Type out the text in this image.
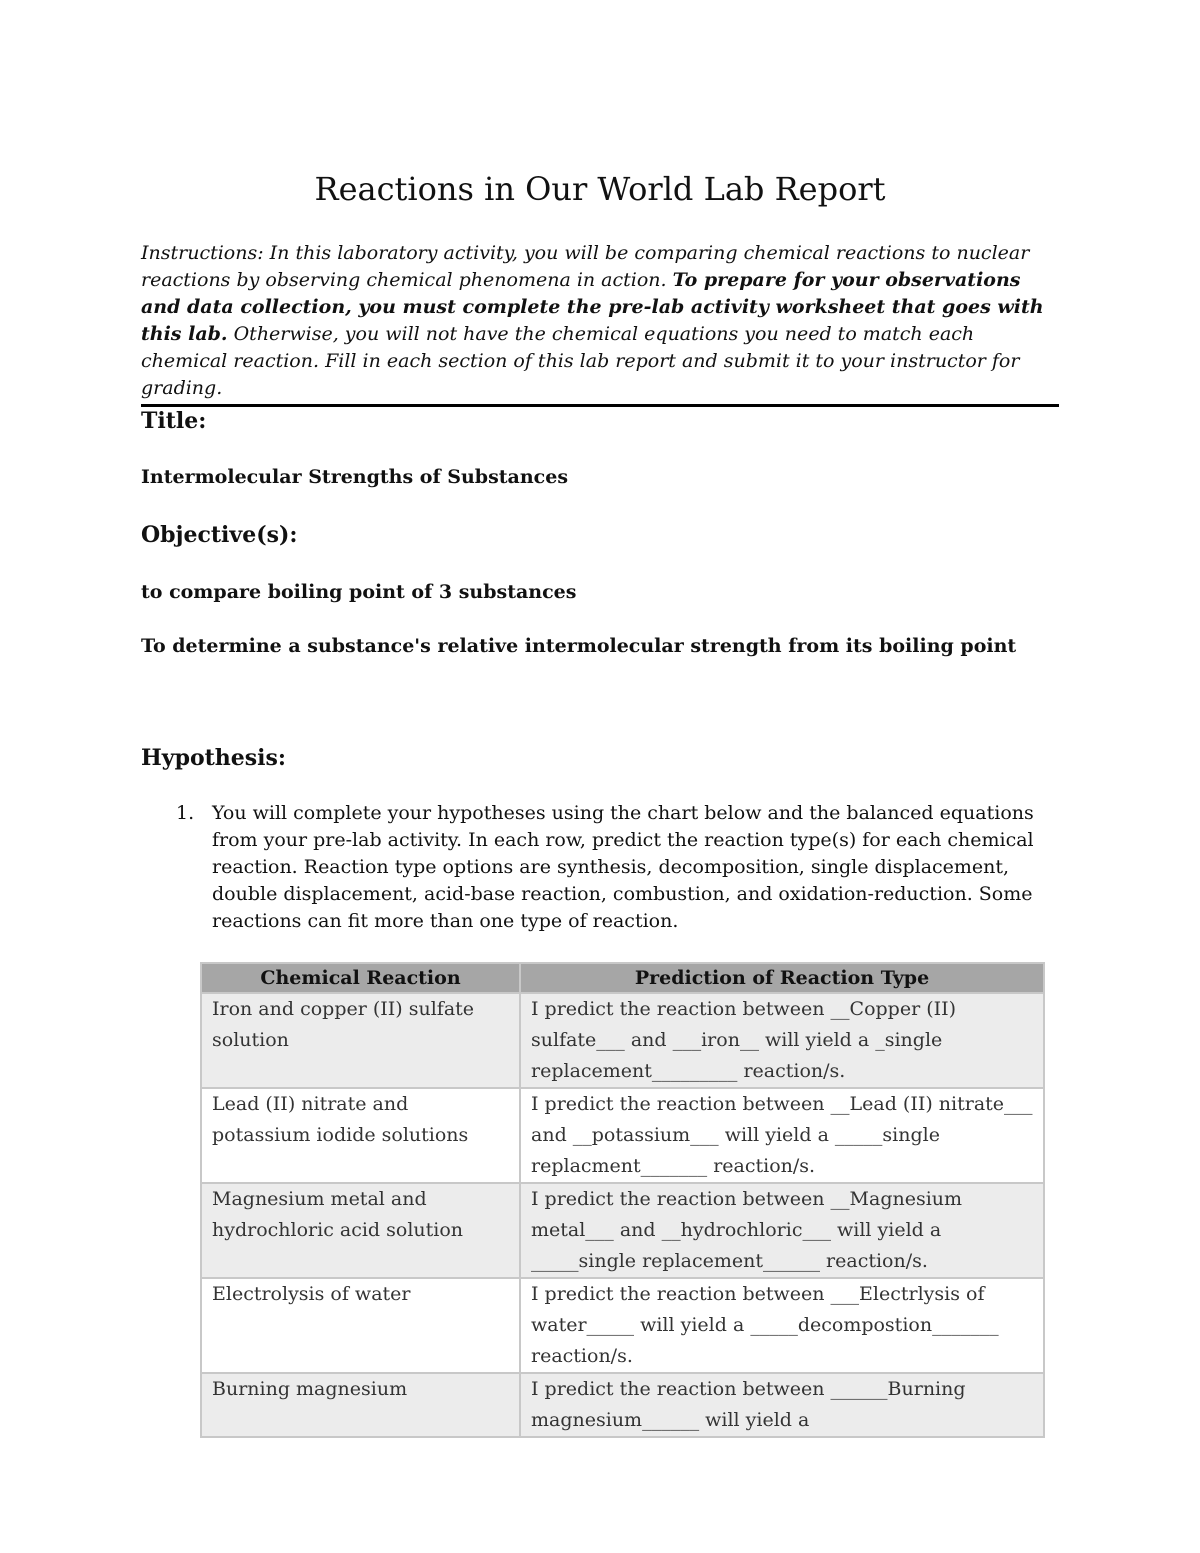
Reactions in Our World Lab Report
Instructions: In this laboratory activity, you will be comparing chemical reactions to nuclear reactions by observing chemical phenomena in action. To prepare for your observations and data collection, you must complete the pre-lab activity worksheet that goes with this lab. Otherwise, you will not have the chemical equations you need to match each chemical reaction. Fill in each section of this lab report and submit it to your instructor for grading.
Title:

Intermolecular Strengths of Substances

Objective(s):

to compare boiling point of 3 substances

To determine a substance's relative intermolecular strength from its boiling point

Hypothesis:
1. You will complete your hypotheses using the chart below and the balanced equations from your pre-lab activity. In each row, predict the reaction type(s) for each chemical reaction. Reaction type options are synthesis, decomposition, single displacement, double displacement, acid-base reaction, combustion, and oxidation-reduction. Some reactions can fit more than one type of reaction.
Chemical Reaction	Prediction of Reaction Type
Iron and copper (II) sulfate solution	I predict the reaction between __Copper (II) sulfate___ and ___iron__ will yield a _single replacement_________ reaction/s.
Lead (II) nitrate and potassium iodide solutions	I predict the reaction between __Lead (II) nitrate___ and __potassium___ will yield a _____single replacment_______ reaction/s.
Magnesium metal and hydrochloric acid solution	I predict the reaction between __Magnesium metal___ and __hydrochloric___ will yield a _____single replacement______ reaction/s.
Electrolysis of water	I predict the reaction between ___Electrlysis of water_____ will yield a _____decompostion_______ reaction/s.
Burning magnesium	I predict the reaction between ______Burning magnesium______ will yield a
